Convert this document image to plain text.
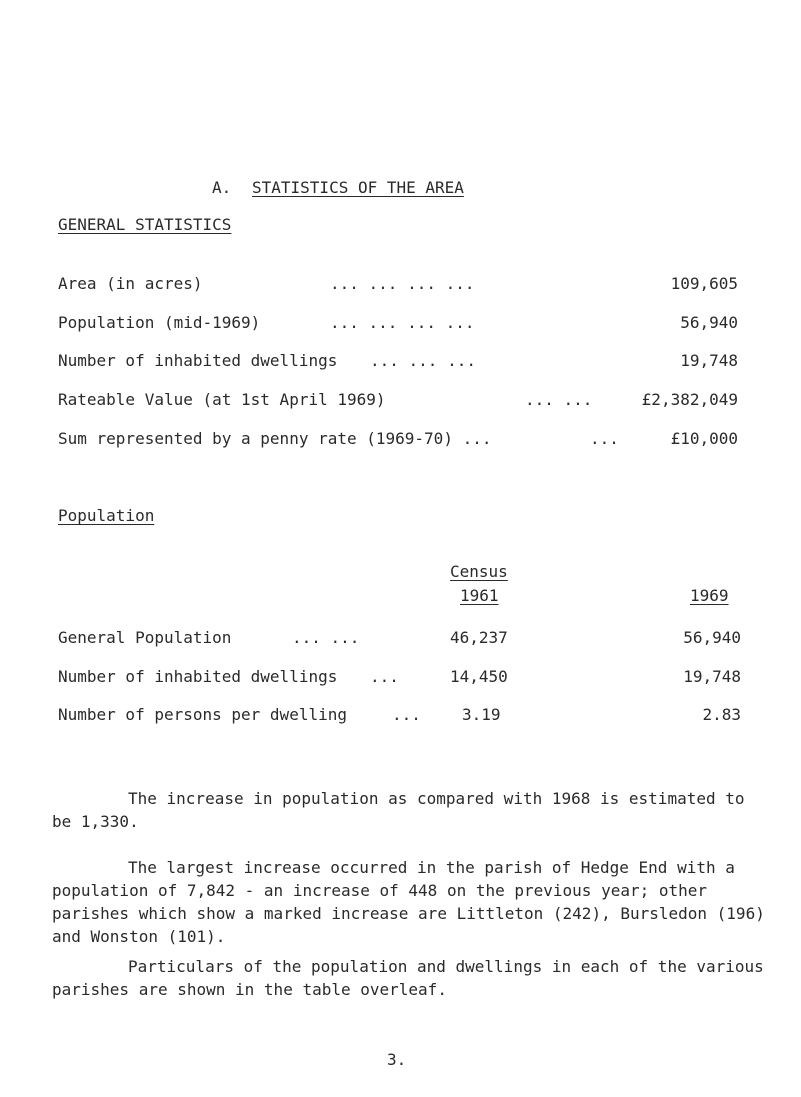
A. STATISTICS OF THE AREA
GENERAL STATISTICS
Area (in acres)	... ... ... ...	109,605
Population (mid-1969)	... ... ... ...	56,940
Number of inhabited dwellings ... ... ...	19,748
Rateable Value (at 1st April 1969)	... ...	£2,382,049
Sum represented by a penny rate (1969-70) ...	...	£10,000
Population
Census
1961	1969
General Population	... ...	46,237	56,940
Number of inhabited dwellings ...	14,450	19,748
Number of persons per dwelling	...	3.19	2.83

The increase in population as compared with 1968 is estimated to be 1,330.

The largest increase occurred in the parish of Hedge End with a population of 7,842 - an increase of 448 on the previous year; other parishes which show a marked increase are Littleton (242), Bursledon (196) and Wonston (101).

Particulars of the population and dwellings in each of the various parishes are shown in the table overleaf.

3.
